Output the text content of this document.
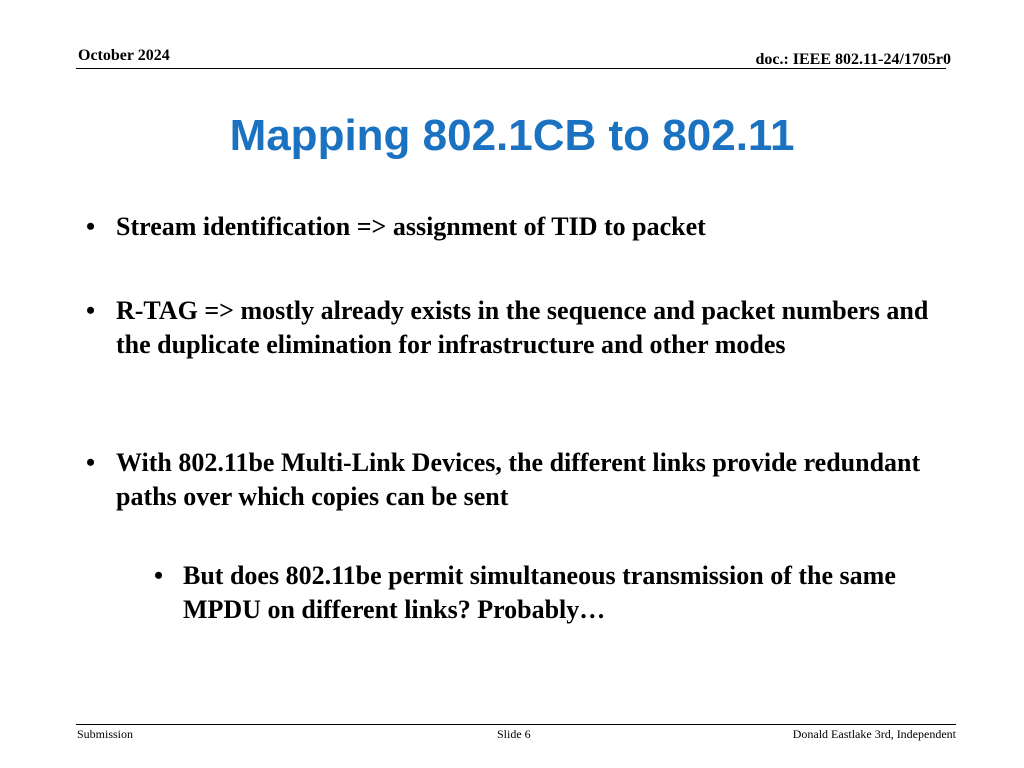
October 2024	doc.: IEEE 802.11-24/1705r0
Mapping 802.1CB to 802.11
• Stream identification => assignment of TID to packet
• R-TAG => mostly already exists in the sequence and packet numbers and the duplicate elimination for infrastructure and other modes
• With 802.11be Multi-Link Devices, the different links provide redundant paths over which copies can be sent
• But does 802.11be permit simultaneous transmission of the same MPDU on different links? Probably…
Submission	Slide 6	Donald Eastlake 3rd, Independent
